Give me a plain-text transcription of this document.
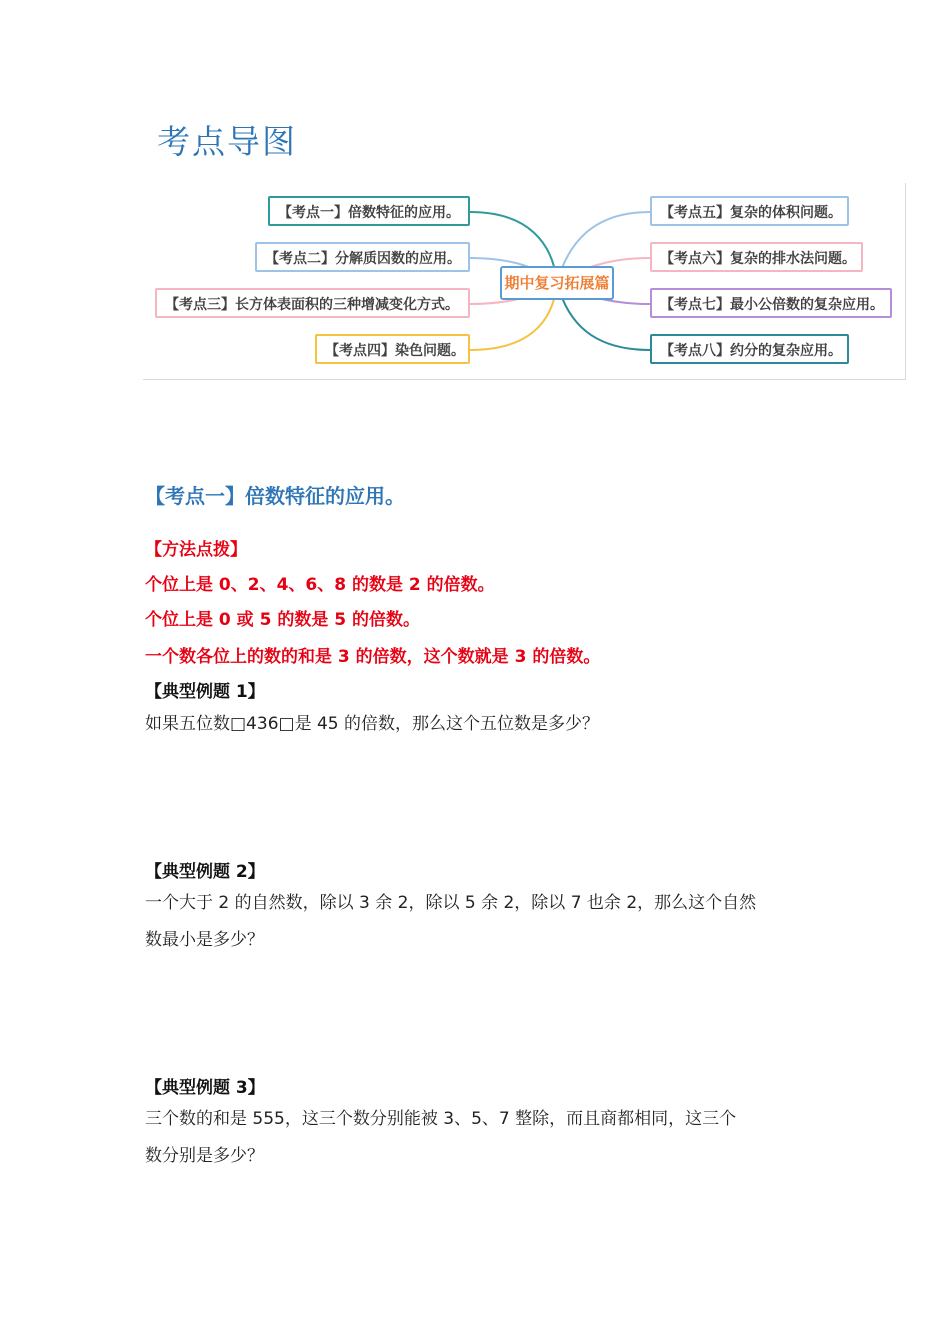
考点导图
期中复习拓展篇
【考点一】倍数特征的应用。
【考点二】分解质因数的应用。
【考点三】长方体表面积的三种增减变化方式。
【考点四】染色问题。
【考点五】复杂的体积问题。
【考点六】复杂的排水法问题。
【考点七】最小公倍数的复杂应用。
【考点八】约分的复杂应用。
【考点一】倍数特征的应用。
【方法点拨】
个位上是 0、2、4、6、8 的数是 2 的倍数。
个位上是 0 或 5 的数是 5 的倍数。
一个数各位上的数的和是 3 的倍数，这个数就是 3 的倍数。
【典型例题 1】
如果五位数□436□是 45 的倍数，那么这个五位数是多少？
【典型例题 2】
一个大于 2 的自然数，除以 3 余 2，除以 5 余 2，除以 7 也余 2，那么这个自然
数最小是多少？
【典型例题 3】
三个数的和是 555，这三个数分别能被 3、5、7 整除，而且商都相同，这三个
数分别是多少？
